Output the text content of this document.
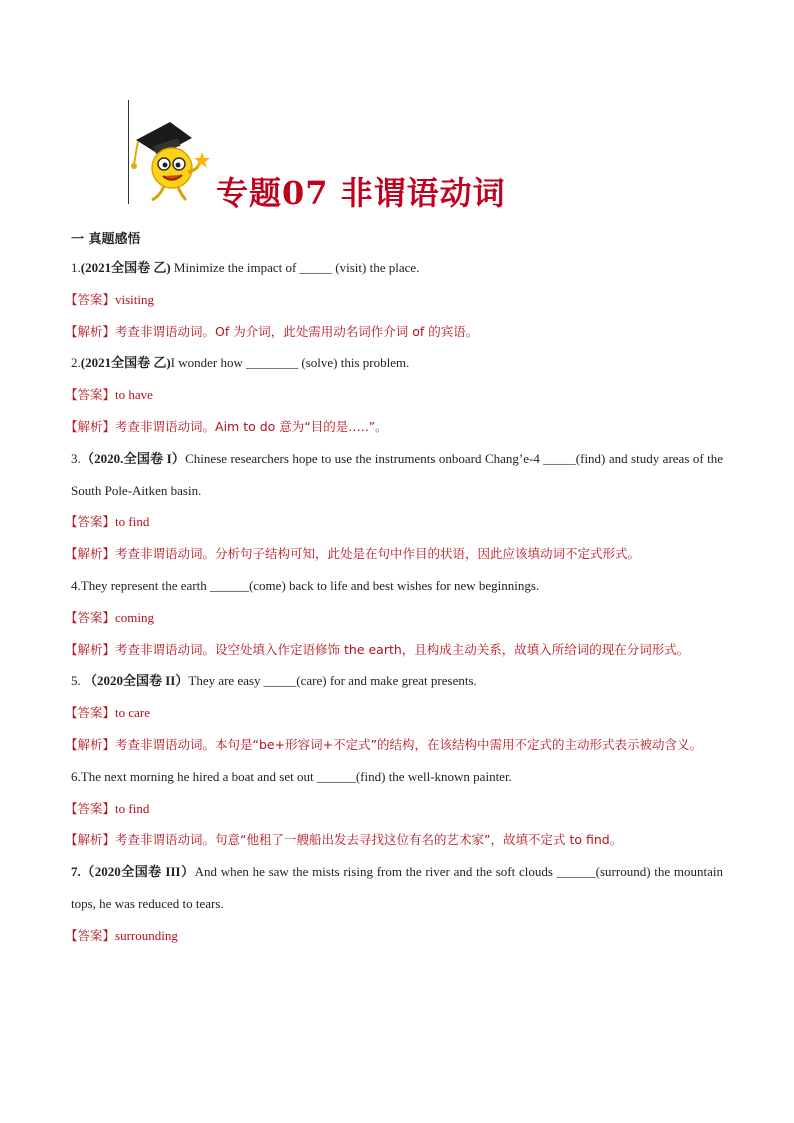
专题07 非谓语动词
一 真题感悟
1.(2021全国卷 乙) Minimize the impact of _____ (visit) the place.
【答案】visiting
【解析】考查非谓语动词。Of 为介词，此处需用动名词作介词 of 的宾语。
2.(2021全国卷 乙)I wonder how ________ (solve) this problem.
【答案】to have
【解析】考查非谓语动词。Aim to do 意为“目的是…..”。
3.（2020.全国卷 I）Chinese researchers hope to use the instruments onboard Chang’e-4 _____(find) and study areas of the South Pole-Aitken basin.
【答案】to find
【解析】考查非谓语动词。分析句子结构可知，此处是在句中作目的状语，因此应该填动词不定式形式。
4.They represent the earth ______(come) back to life and best wishes for new beginnings.
【答案】coming
【解析】考查非谓语动词。设空处填入作定语修饰 the earth，且构成主动关系，故填入所给词的现在分词形式。
5. （2020全国卷 II）They are easy _____(care) for and make great presents.
【答案】to care
【解析】考查非谓语动词。本句是“be+形容词+不定式”的结构，在该结构中需用不定式的主动形式表示被动含义。
6.The next morning he hired a boat and set out ______(find) the well-known painter.
【答案】to find
【解析】考查非谓语动词。句意“他租了一艘船出发去寻找这位有名的艺术家”，故填不定式 to find。
7.（2020全国卷 III）And when he saw the mists rising from the river and the soft clouds ______(surround) the mountain tops, he was reduced to tears.
【答案】surrounding
